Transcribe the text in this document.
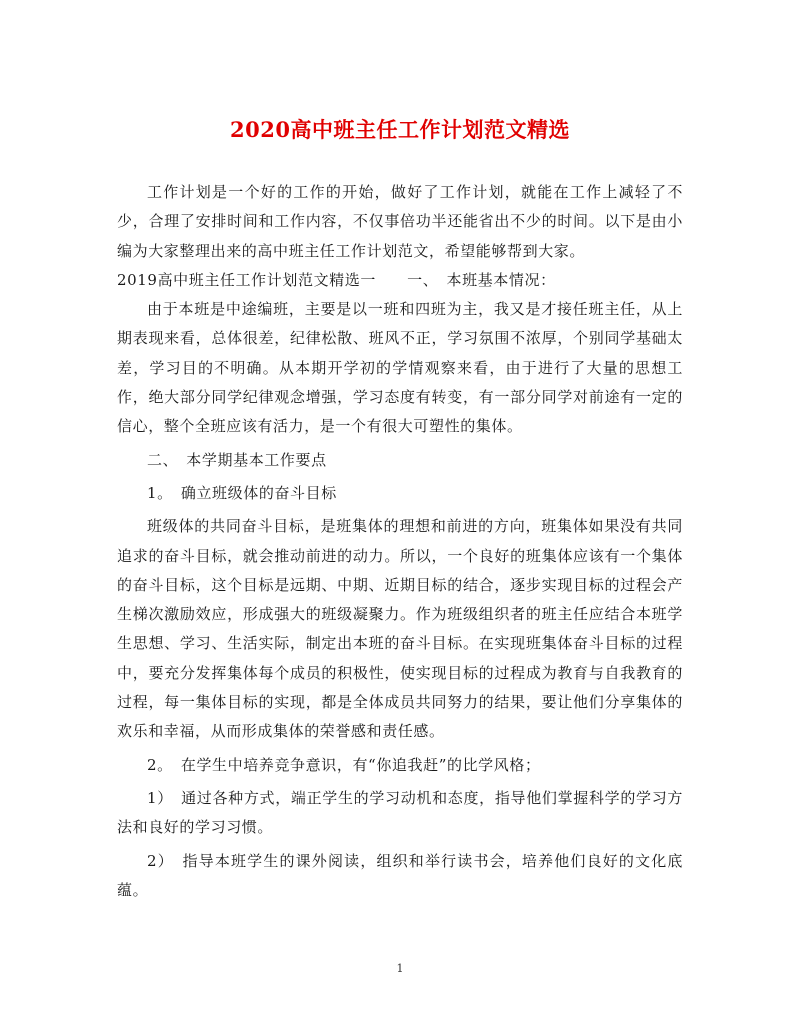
2020高中班主任工作计划范文精选

工作计划是一个好的工作的开始，做好了工作计划，就能在工作上减轻了不少，合理了安排时间和工作内容，不仅事倍功半还能省出不少的时间。以下是由小编为大家整理出来的高中班主任工作计划范文，希望能够帮到大家。

2019高中班主任工作计划范文精选一　　一、　本班基本情况：

由于本班是中途编班，主要是以一班和四班为主，我又是才接任班主任，从上期表现来看，总体很差，纪律松散、班风不正，学习氛围不浓厚，个别同学基础太差，学习目的不明确。从本期开学初的学情观察来看，由于进行了大量的思想工作，绝大部分同学纪律观念增强，学习态度有转变，有一部分同学对前途有一定的信心，整个全班应该有活力，是一个有很大可塑性的集体。

二、　本学期基本工作要点

1。　确立班级体的奋斗目标

班级体的共同奋斗目标，是班集体的理想和前进的方向，班集体如果没有共同追求的奋斗目标，就会推动前进的动力。所以，一个良好的班集体应该有一个集体的奋斗目标，这个目标是远期、中期、近期目标的结合，逐步实现目标的过程会产生梯次激励效应，形成强大的班级凝聚力。作为班级组织者的班主任应结合本班学生思想、学习、生活实际，制定出本班的奋斗目标。在实现班集体奋斗目标的过程中，要充分发挥集体每个成员的积极性，使实现目标的过程成为教育与自我教育的过程，每一集体目标的实现，都是全体成员共同努力的结果，要让他们分享集体的欢乐和幸福，从而形成集体的荣誉感和责任感。

2。　在学生中培养竞争意识，有“你追我赶”的比学风格；

1）　通过各种方式，端正学生的学习动机和态度，指导他们掌握科学的学习方法和良好的学习习惯。

2）　指导本班学生的课外阅读，组织和举行读书会，培养他们良好的文化底蕴。

1
